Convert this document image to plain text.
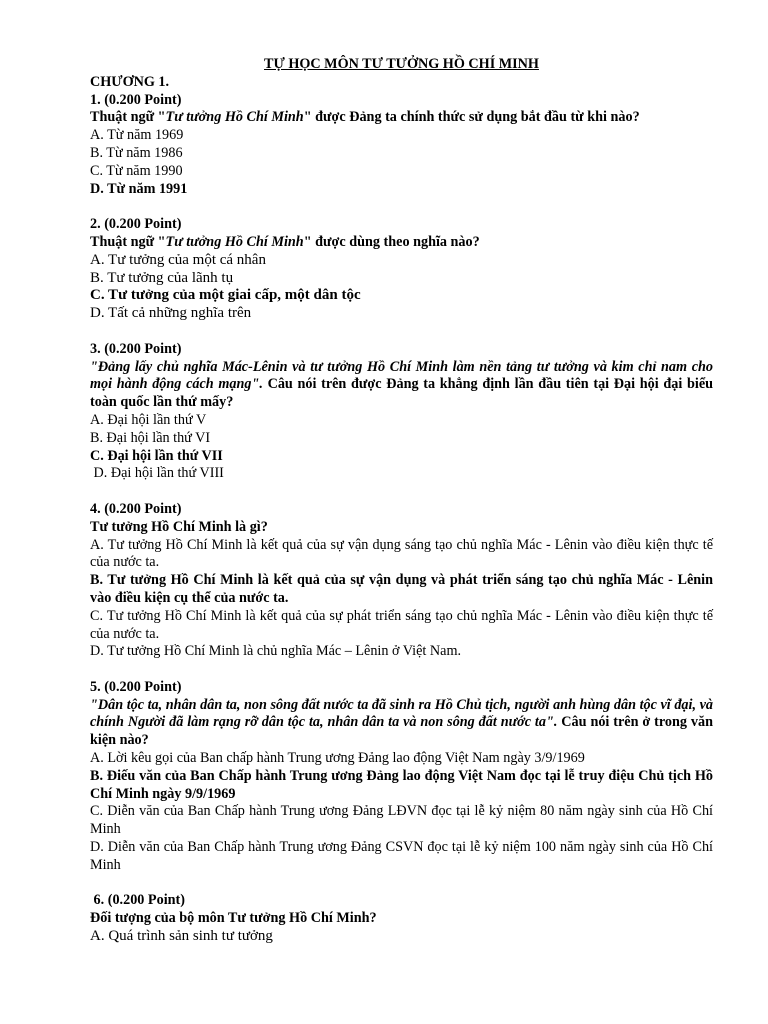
TỰ HỌC MÔN TƯ TƯỞNG HỒ CHÍ MINH
CHƯƠNG 1.
1. (0.200 Point)
Thuật ngữ "Tư tưởng Hồ Chí Minh" được Đảng ta chính thức sử dụng bắt đầu từ khi nào?
A. Từ năm 1969
B. Từ năm 1986
C. Từ năm 1990
D. Từ năm 1991
2. (0.200 Point)
Thuật ngữ "Tư tưởng Hồ Chí Minh" được dùng theo nghĩa nào?
A. Tư tưởng của một cá nhân
B. Tư tưởng của lãnh tụ
C. Tư tưởng của một giai cấp, một dân tộc
D. Tất cả những nghĩa trên
3. (0.200 Point)
"Đảng lấy chủ nghĩa Mác-Lênin và tư tưởng Hồ Chí Minh làm nền tảng tư tưởng và kim chỉ nam cho mọi hành động cách mạng". Câu nói trên được Đảng ta khẳng định lần đầu tiên tại Đại hội đại biểu toàn quốc lần thứ mấy?
A. Đại hội lần thứ V
B. Đại hội lần thứ VI
C. Đại hội lần thứ VII
D. Đại hội lần thứ VIII
4. (0.200 Point)
Tư tưởng Hồ Chí Minh là gì?
A. Tư tưởng Hồ Chí Minh là kết quả của sự vận dụng sáng tạo chủ nghĩa Mác - Lênin vào điều kiện thực tế của nước ta.
B. Tư tưởng Hồ Chí Minh là kết quả của sự vận dụng và phát triển sáng tạo chủ nghĩa Mác - Lênin vào điều kiện cụ thể của nước ta.
C. Tư tưởng Hồ Chí Minh là kết quả của sự phát triển sáng tạo chủ nghĩa Mác - Lênin vào điều kiện thực tế của nước ta.
D. Tư tưởng Hồ Chí Minh là chủ nghĩa Mác – Lênin ở Việt Nam.
5. (0.200 Point)
"Dân tộc ta, nhân dân ta, non sông đất nước ta đã sinh ra Hồ Chủ tịch, người anh hùng dân tộc vĩ đại, và chính Người đã làm rạng rỡ dân tộc ta, nhân dân ta và non sông đất nước ta". Câu nói trên ở trong văn kiện nào?
A. Lời kêu gọi của Ban chấp hành Trung ương Đảng lao động Việt Nam ngày 3/9/1969
B. Điếu văn của Ban Chấp hành Trung ương Đảng lao động Việt Nam đọc tại lễ truy điệu Chủ tịch Hồ Chí Minh ngày 9/9/1969
C. Diễn văn của Ban Chấp hành Trung ương Đảng LĐVN đọc tại lễ kỷ niệm 80 năm ngày sinh của Hồ Chí Minh
D. Diễn văn của Ban Chấp hành Trung ương Đảng CSVN đọc tại lễ kỷ niệm 100 năm ngày sinh của Hồ Chí Minh
6. (0.200 Point)
Đối tượng của bộ môn Tư tưởng Hồ Chí Minh?
A. Quá trình sản sinh tư tưởng
